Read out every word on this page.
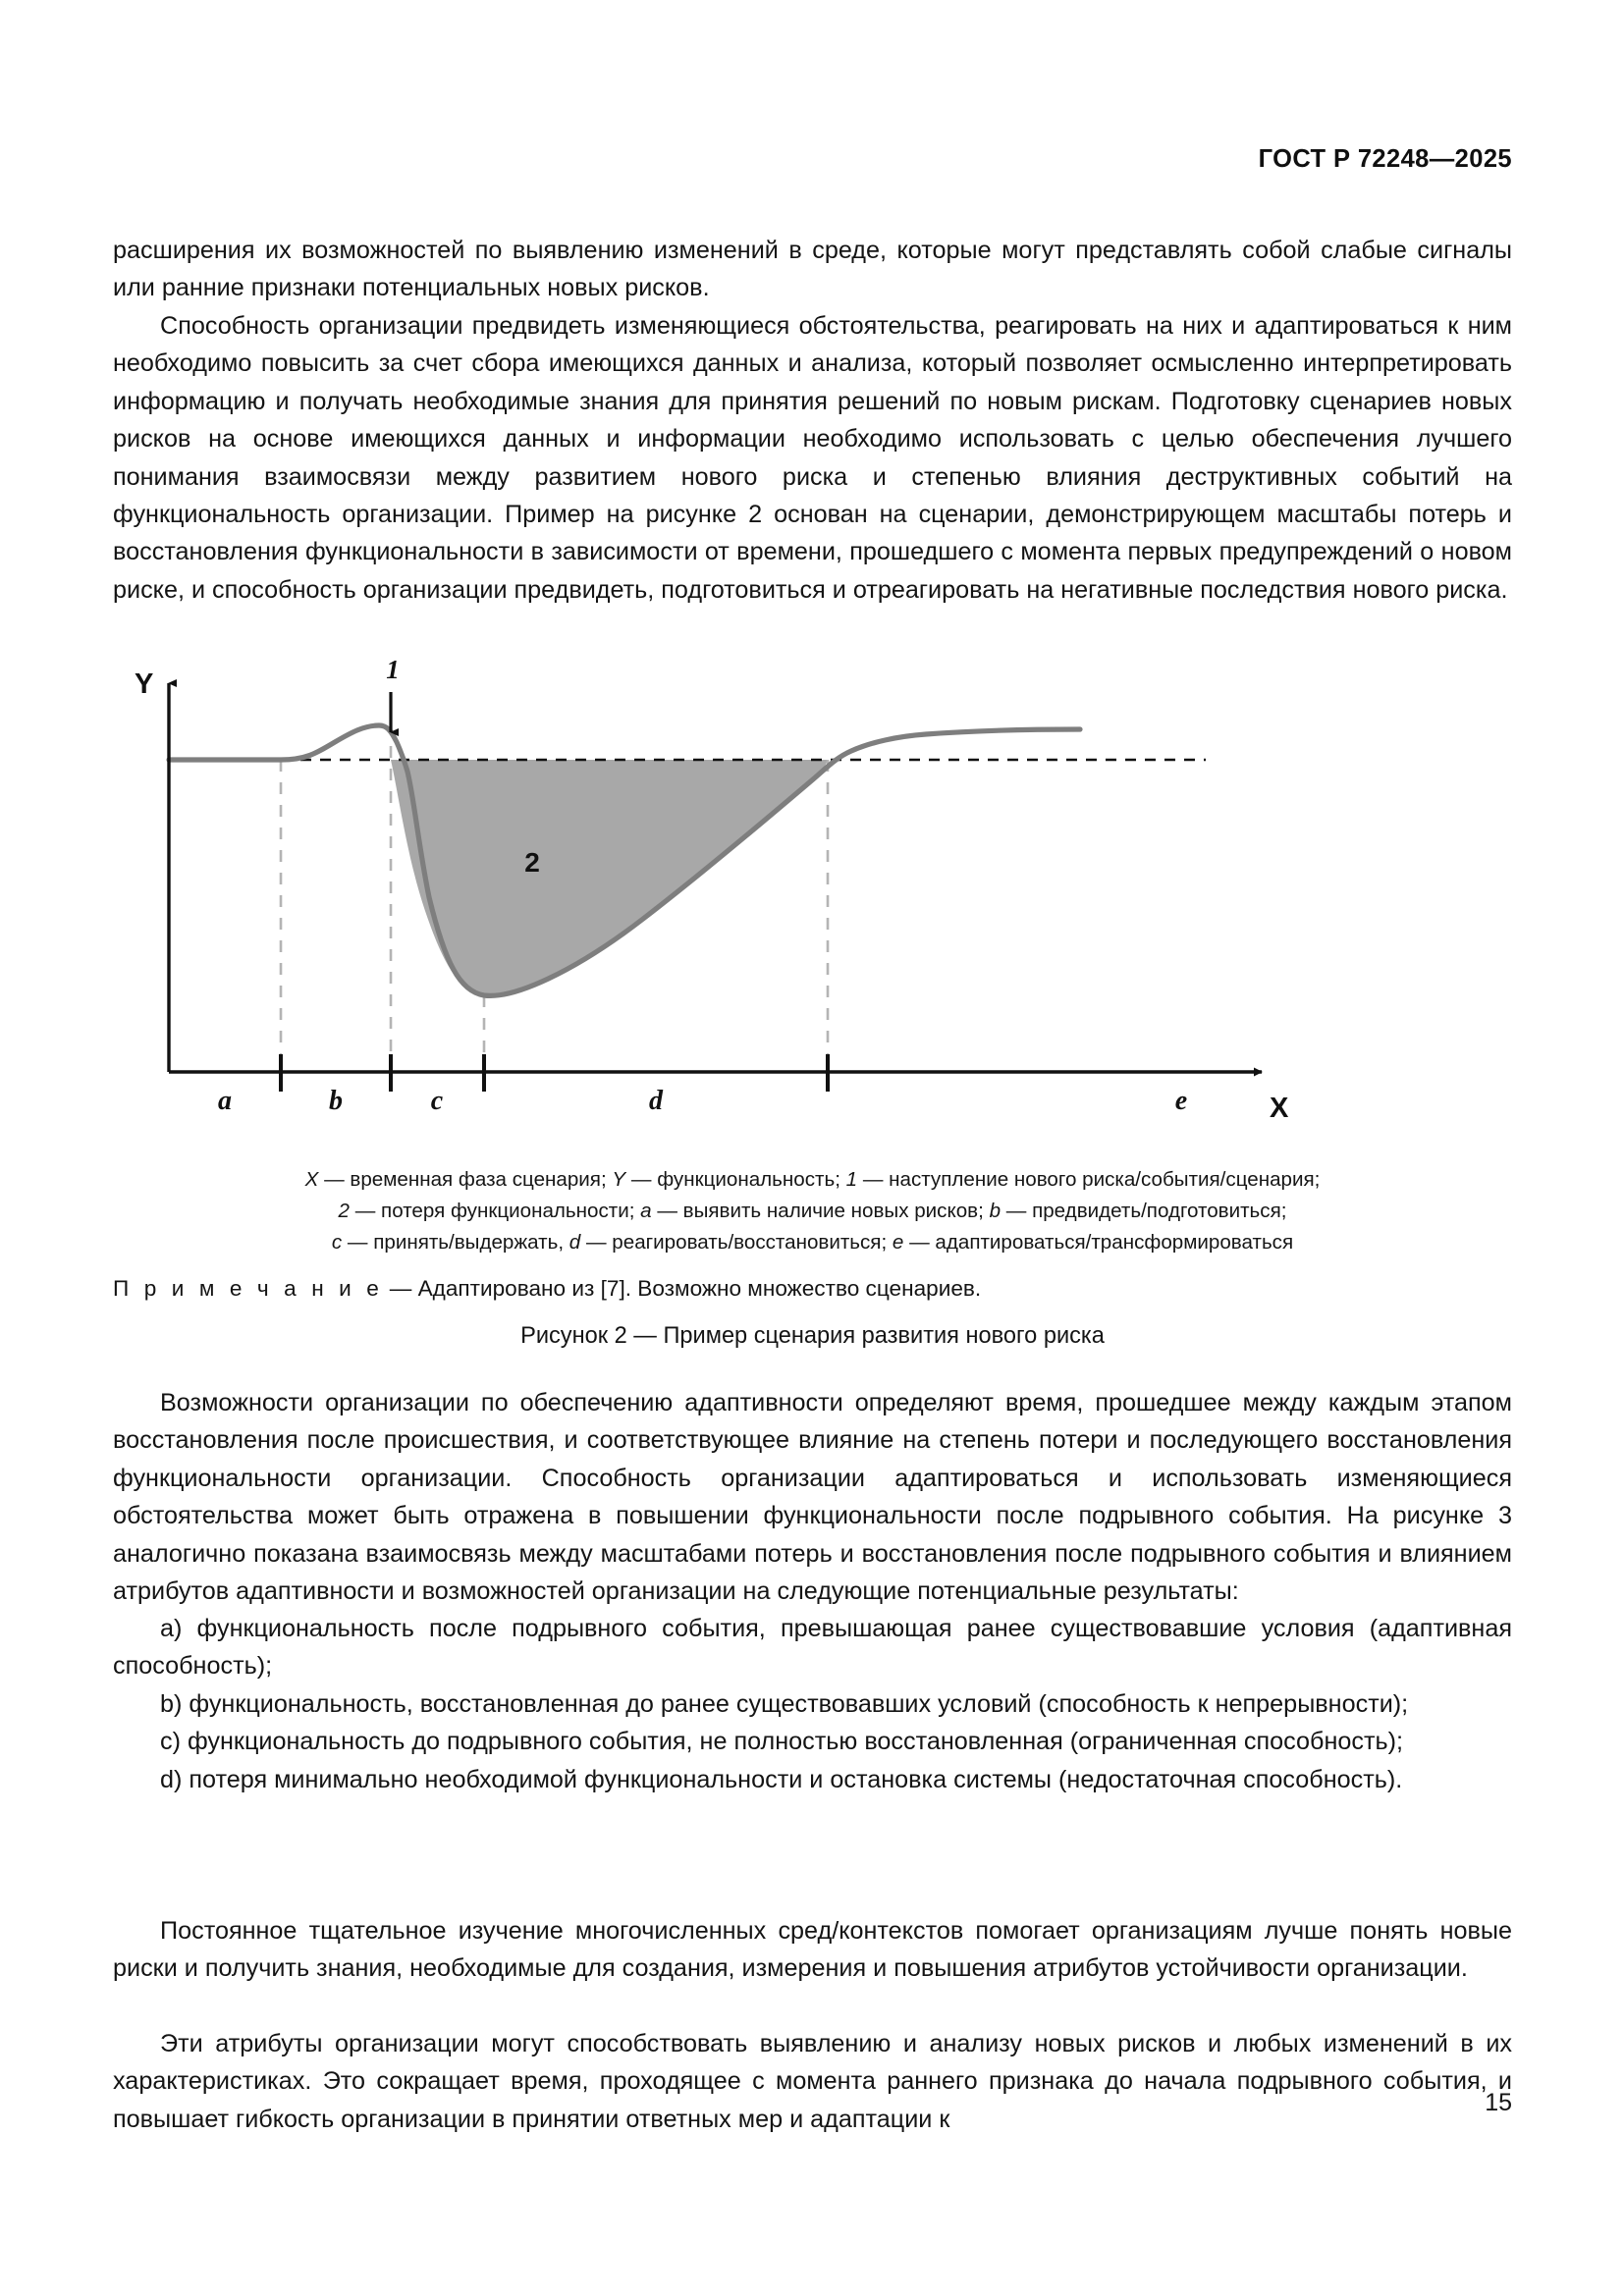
ГОСТ Р 72248—2025

расширения их возможностей по выявлению изменений в среде, которые могут представлять собой слабые сигналы или ранние признаки потенциальных новых рисков.

Способность организации предвидеть изменяющиеся обстоятельства, реагировать на них и адаптироваться к ним необходимо повысить за счет сбора имеющихся данных и анализа, который позволяет осмысленно интерпретировать информацию и получать необходимые знания для принятия решений по новым рискам. Подготовку сценариев новых рисков на основе имеющихся данных и информации необходимо использовать с целью обеспечения лучшего понимания взаимосвязи между развитием нового риска и степенью влияния деструктивных событий на функциональность организации. Пример на рисунке 2 основан на сценарии, демонстрирующем масштабы потерь и восстановления функциональности в зависимости от времени, прошедшего с момента первых предупреждений о новом риске, и способность организации предвидеть, подготовиться и отреагировать на негативные последствия нового риска.

1
2
Y
X
a	b	c	d	e
X — временная фаза сценария; Y — функциональность; 1 — наступление нового риска/события/сценария;
2 — потеря функциональности; a — выявить наличие новых рисков; b — предвидеть/подготовиться;
c — принять/выдержать, d — реагировать/восстановиться; e — адаптироваться/трансформироваться
П р и м е ч а н и е — Адаптировано из [7]. Возможно множество сценариев.
Рисунок 2 — Пример сценария развития нового риска

Возможности организации по обеспечению адаптивности определяют время, прошедшее между каждым этапом восстановления после происшествия, и соответствующее влияние на степень потери и последующего восстановления функциональности организации. Способность организации адаптироваться и использовать изменяющиеся обстоятельства может быть отражена в повышении функциональности после подрывного события. На рисунке 3 аналогично показана взаимосвязь между масштабами потерь и восстановления после подрывного события и влиянием атрибутов адаптивности и возможностей организации на следующие потенциальные результаты:

a) функциональность после подрывного события, превышающая ранее существовавшие условия (адаптивная способность);

b) функциональность, восстановленная до ранее существовавших условий (способность к непрерывности);

c) функциональность до подрывного события, не полностью восстановленная (ограниченная способность);

d) потеря минимально необходимой функциональности и остановка системы (недостаточная способность).

Постоянное тщательное изучение многочисленных сред/контекстов помогает организациям лучше понять новые риски и получить знания, необходимые для создания, измерения и повышения атрибутов устойчивости организации.

Эти атрибуты организации могут способствовать выявлению и анализу новых рисков и любых изменений в их характеристиках. Это сокращает время, проходящее с момента раннего признака до начала подрывного события, и повышает гибкость организации в принятии ответных мер и адаптации к

15
